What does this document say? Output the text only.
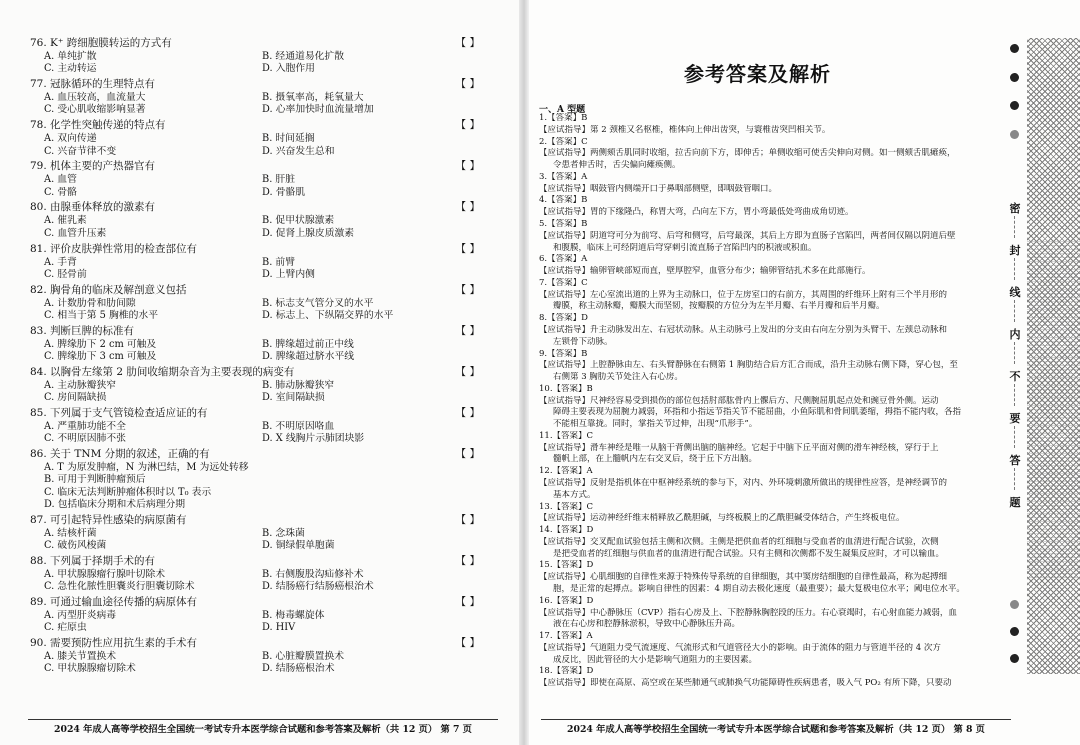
76. K⁺ 跨细胞膜转运的方式有	【 】
A. 单纯扩散	B. 经通道易化扩散
C. 主动转运	D. 入胞作用
77. 冠脉循环的生理特点有	【 】
A. 血压较高，血流量大	B. 摄氧率高，耗氧量大
C. 受心肌收缩影响显著	D. 心率加快时血流量增加
78. 化学性突触传递的特点有	【 】
A. 双向传递	B. 时间延搁
C. 兴奋节律不变	D. 兴奋发生总和
79. 机体主要的产热器官有	【 】
A. 血管	B. 肝脏
C. 骨骼	D. 骨骼肌
80. 由腺垂体释放的激素有	【 】
A. 催乳素	B. 促甲状腺激素
C. 血管升压素	D. 促肾上腺皮质激素
81. 评价皮肤弹性常用的检查部位有	【 】
A. 手背	B. 前臂
C. 胫骨前	D. 上臂内侧
82. 胸骨角的临床及解剖意义包括	【 】
A. 计数肋骨和肋间隙	B. 标志支气管分叉的水平
C. 相当于第 5 胸椎的水平	D. 标志上、下纵隔交界的水平
83. 判断巨脾的标准有	【 】
A. 脾缘肋下 2 cm 可触及	B. 脾缘超过前正中线
C. 脾缘肋下 3 cm 可触及	D. 脾缘超过脐水平线
84. 以胸骨左缘第 2 肋间收缩期杂音为主要表现的病变有	【 】
A. 主动脉瓣狭窄	B. 肺动脉瓣狭窄
C. 房间隔缺损	D. 室间隔缺损
85. 下列属于支气管镜检查适应证的有	【 】
A. 严重肺功能不全	B. 不明原因咯血
C. 不明原因肺不张	D. X 线胸片示肺团块影
86. 关于 TNM 分期的叙述，正确的有	【 】
A. T 为原发肿瘤，N 为淋巴结，M 为远处转移
B. 可用于判断肿瘤预后
C. 临床无法判断肿瘤体积时以 T₀ 表示
D. 包括临床分期和术后病理分期
87. 可引起特异性感染的病原菌有	【 】
A. 结核杆菌	B. 念珠菌
C. 破伤风梭菌	D. 铜绿假单胞菌
88. 下列属于择期手术的有	【 】
A. 甲状腺腺瘤行腺叶切除术	B. 右侧腹股沟疝修补术
C. 急性化脓性胆囊炎行胆囊切除术	D. 结肠癌行结肠癌根治术
89. 可通过输血途径传播的病原体有	【 】
A. 丙型肝炎病毒	B. 梅毒螺旋体
C. 疟原虫	D. HIV
90. 需要预防性应用抗生素的手术有	【 】
A. 膝关节置换术	B. 心脏瓣膜置换术
C. 甲状腺腺瘤切除术	D. 结肠癌根治术
参考答案及解析
一、A 型题
1.【答案】B
【应试指导】第 2 颈椎又名枢椎，椎体向上伸出齿突，与寰椎齿突凹相关节。
2.【答案】C
【应试指导】两侧颏舌肌同时收缩，拉舌向前下方，即伸舌；单侧收缩可使舌尖伸向对侧。如一侧颏舌肌瘫痪，
令患者伸舌时，舌尖偏向瘫痪侧。
3.【答案】A
【应试指导】咽鼓管内侧端开口于鼻咽部侧壁，即咽鼓管咽口。
4.【答案】B
【应试指导】胃的下缘隆凸，称胃大弯，凸向左下方，胃小弯最低处弯曲成角切迹。
5.【答案】B
【应试指导】阴道穹可分为前穹、后穹和侧穹，后穹最深，其后上方即为直肠子宫陷凹，两者间仅隔以阴道后壁
和腹膜，临床上可经阴道后穹穿刺引流直肠子宫陷凹内的积液或积血。
6.【答案】A
【应试指导】输卵管峡部短而直，壁厚腔窄，血管分布少；输卵管结扎术多在此部施行。
7.【答案】C
【应试指导】左心室流出道的上界为主动脉口，位于左房室口的右前方，其周围的纤维环上附有三个半月形的
瓣膜，称主动脉瓣，瓣膜大而坚韧，按瓣膜的方位分为左半月瓣、右半月瓣和后半月瓣。
8.【答案】D
【应试指导】升主动脉发出左、右冠状动脉。从主动脉弓上发出的分支由右向左分别为头臂干、左颈总动脉和
左锁骨下动脉。
9.【答案】B
【应试指导】上腔静脉由左、右头臂静脉在右侧第 1 胸肋结合后方汇合而成，沿升主动脉右侧下降，穿心包，至
右侧第 3 胸肋关节处注入右心房。
10.【答案】B
【应试指导】尺神经容易受到损伤的部位包括肘部肱骨内上髁后方、尺侧腕屈肌起点处和豌豆骨外侧。运动
障碍主要表现为屈腕力减弱，环指和小指远节指关节不能屈曲，小鱼际肌和骨间肌萎缩，拇指不能内收，各指
不能相互靠拢。同时，掌指关节过伸，出现“爪形手”。
11.【答案】C
【应试指导】滑车神经是唯一从脑干背侧出脑的脑神经。它起于中脑下丘平面对侧的滑车神经核，穿行于上
髓帆上部，在上髓帆内左右交叉后，绕于丘下方出脑。
12.【答案】A
【应试指导】反射是指机体在中枢神经系统的参与下，对内、外环境刺激所做出的规律性应答，是神经调节的
基本方式。
13.【答案】C
【应试指导】运动神经纤维末梢释放乙酰胆碱，与终板膜上的乙酰胆碱受体结合，产生终板电位。
14.【答案】D
【应试指导】交叉配血试验包括主侧和次侧。主侧是把供血者的红细胞与受血者的血清进行配合试验，次侧
是把受血者的红细胞与供血者的血清进行配合试验。只有主侧和次侧都不发生凝集反应时，才可以输血。
15.【答案】D
【应试指导】心肌细胞的自律性来源于特殊传导系统的自律细胞，其中窦房结细胞的自律性最高，称为起搏细
胞，是正常的起搏点。影响自律性的因素：4 期自动去极化速度（最重要）；最大复极电位水平；阈电位水平。
16.【答案】D
【应试指导】中心静脉压（CVP）指右心房及上、下腔静脉胸腔段的压力。右心衰竭时，右心射血能力减弱，血
液在右心房和腔静脉淤积，导致中心静脉压升高。
17.【答案】A
【应试指导】气道阻力受气流速度、气流形式和气道管径大小的影响。由于流体的阻力与管道半径的 4 次方
成反比，因此管径的大小是影响气道阻力的主要因素。
18.【答案】D
【应试指导】即使在高原、高空或在某些肺通气或肺换气功能障碍性疾病患者，吸入气 PO₂ 有所下降，只要动
密
封
线
内
不
要
答
题
2024 年成人高等学校招生全国统一考试专升本医学综合试题和参考答案及解析（共 12 页） 第 8 页
2024 年成人高等学校招生全国统一考试专升本医学综合试题和参考答案及解析（共 12 页） 第 7 页
